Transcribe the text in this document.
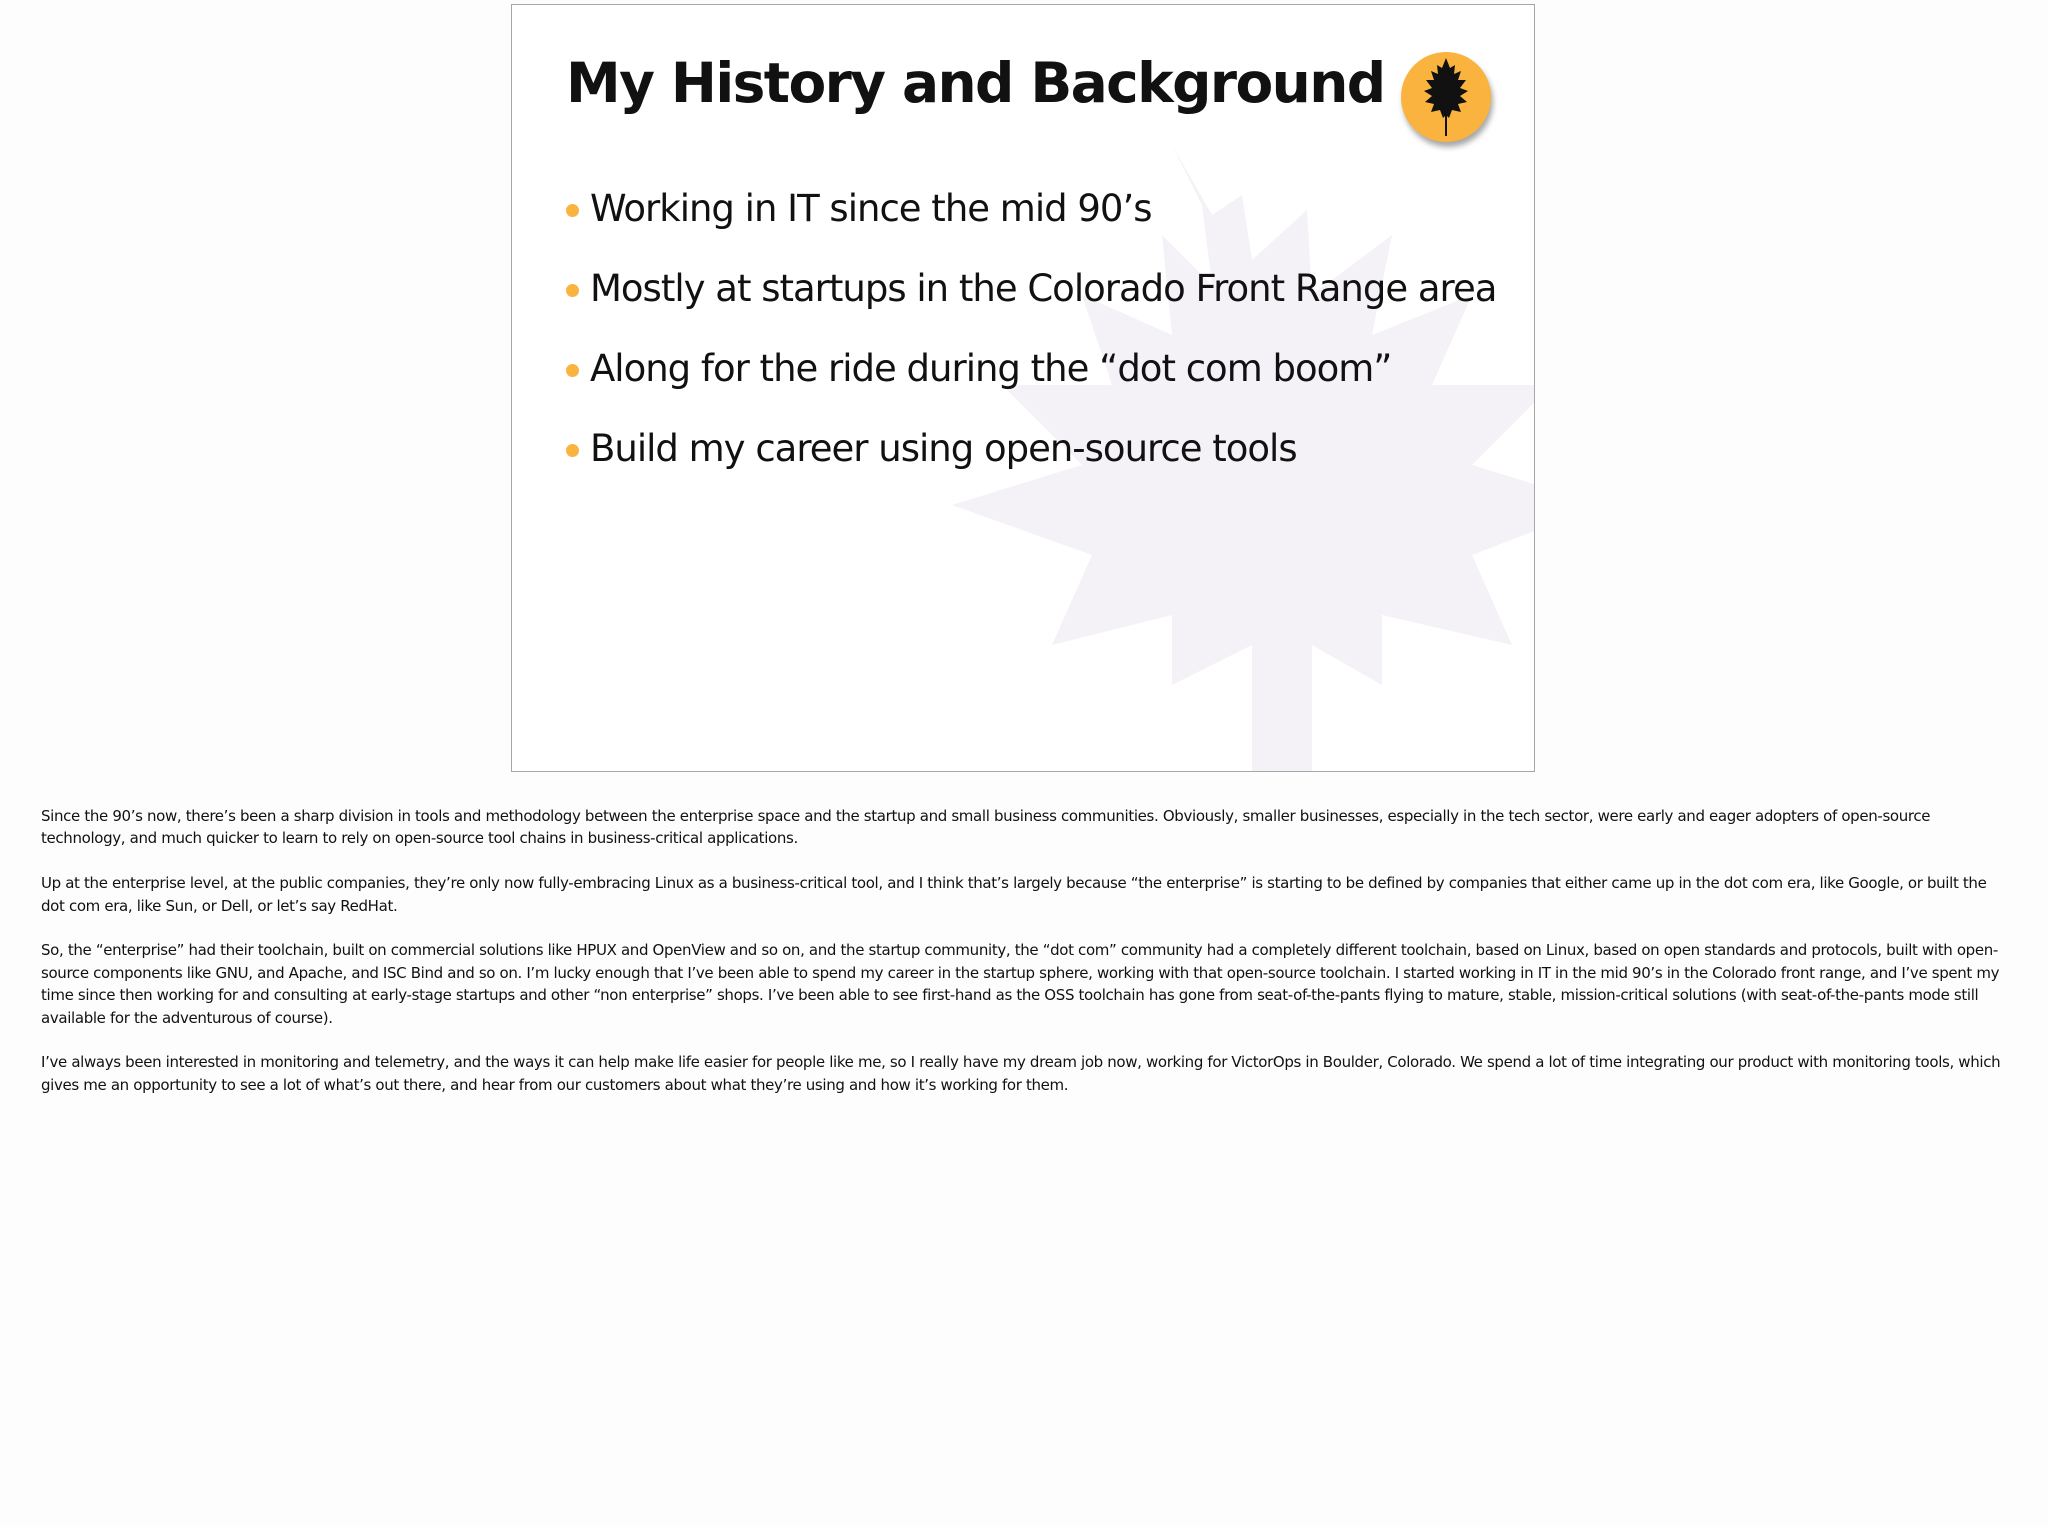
My History and Background
Working in IT since the mid 90’s
Mostly at startups in the Colorado Front Range area
Along for the ride during the “dot com boom”
Build my career using open-source tools

Since the 90’s now, there’s been a sharp division in tools and methodology between the enterprise space and the startup and small business communities. Obviously, smaller businesses, especially in the tech sector, were early and eager adopters of open-source technology, and much quicker to learn to rely on open-source tool chains in business-critical applications.

Up at the enterprise level, at the public companies, they’re only now fully-embracing Linux as a business-critical tool, and I think that’s largely because “the enterprise” is starting to be defined by companies that either came up in the dot com era, like Google, or built the dot com era, like Sun, or Dell, or let’s say RedHat.

So, the “enterprise” had their toolchain, built on commercial solutions like HPUX and OpenView and so on, and the startup community, the “dot com” community had a completely different toolchain, based on Linux, based on open standards and protocols, built with open-source components like GNU, and Apache, and ISC Bind and so on. I’m lucky enough that I’ve been able to spend my career in the startup sphere, working with that open-source toolchain. I started working in IT in the mid 90’s in the Colorado front range, and I’ve spent my time since then working for and consulting at early-stage startups and other “non enterprise” shops. I’ve been able to see first-hand as the OSS toolchain has gone from seat-of-the-pants flying to mature, stable, mission-critical solutions (with seat-of-the-pants mode still available for the adventurous of course).

I’ve always been interested in monitoring and telemetry, and the ways it can help make life easier for people like me, so I really have my dream job now, working for VictorOps in Boulder, Colorado. We spend a lot of time integrating our product with monitoring tools, which gives me an opportunity to see a lot of what’s out there, and hear from our customers about what they’re using and how it’s working for them.
